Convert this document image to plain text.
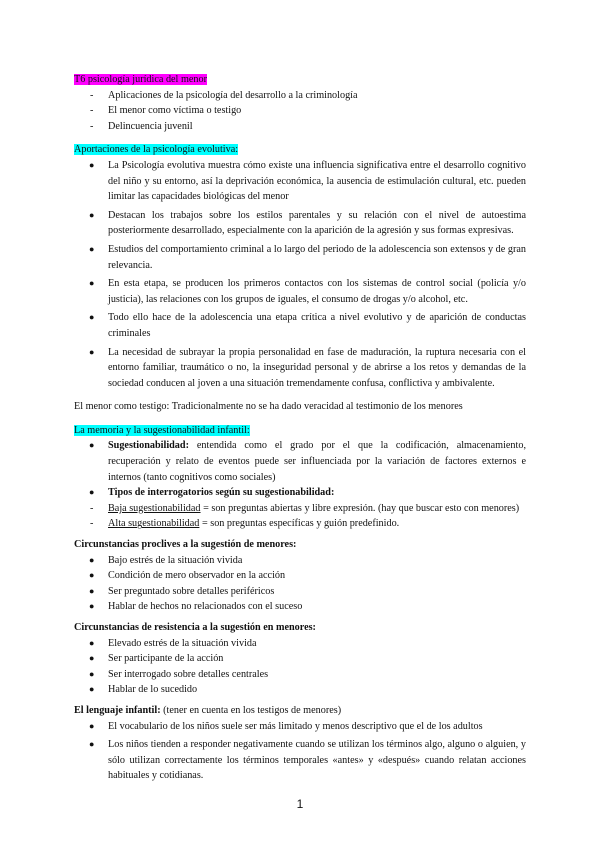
T6 psicología jurídica del menor
- Aplicaciones de la psicología del desarrollo a la criminología
- El menor como víctima o testigo
- Delincuencia juvenil
Aportaciones de la psicología evolutiva:
● La Psicología evolutiva muestra cómo existe una influencia significativa entre el desarrollo cognitivo del niño y su entorno, así la deprivación económica, la ausencia de estimulación cultural, etc. pueden limitar las capacidades biológicas del menor
● Destacan los trabajos sobre los estilos parentales y su relación con el nivel de autoestima posteriormente desarrollado, especialmente con la aparición de la agresión y sus formas expresivas.
● Estudios del comportamiento criminal a lo largo del periodo de la adolescencia son extensos y de gran relevancia.
● En esta etapa, se producen los primeros contactos con los sistemas de control social (policía y/o justicia), las relaciones con los grupos de iguales, el consumo de drogas y/o alcohol, etc.
● Todo ello hace de la adolescencia una etapa crítica a nivel evolutivo y de aparición de conductas criminales
● La necesidad de subrayar la propia personalidad en fase de maduración, la ruptura necesaria con el entorno familiar, traumático o no, la inseguridad personal y de abrirse a los retos y demandas de la sociedad conducen al joven a una situación tremendamente confusa, conflictiva y ambivalente.
El menor como testigo: Tradicionalmente no se ha dado veracidad al testimonio de los menores
La memoria y la sugestionabilidad infantil:
● Sugestionabilidad: entendida como el grado por el que la codificación, almacenamiento, recuperación y relato de eventos puede ser influenciada por la variación de factores externos e internos (tanto cognitivos como sociales)
● Tipos de interrogatorios según su sugestionabilidad:
- Baja sugestionabilidad = son preguntas abiertas y libre expresión. (hay que buscar esto con menores)
- Alta sugestionabilidad = son preguntas específicas y guión predefinido.
Circunstancias proclives a la sugestión de menores:
● Bajo estrés de la situación vivida
● Condición de mero observador en la acción
● Ser preguntado sobre detalles periféricos
● Hablar de hechos no relacionados con el suceso
Circunstancias de resistencia a la sugestión en menores:
● Elevado estrés de la situación vivida
● Ser participante de la acción
● Ser interrogado sobre detalles centrales
● Hablar de lo sucedido
El lenguaje infantil: (tener en cuenta en los testigos de menores)
● El vocabulario de los niños suele ser más limitado y menos descriptivo que el de los adultos
● Los niños tienden a responder negativamente cuando se utilizan los términos algo, alguno o alguien, y sólo utilizan correctamente los términos temporales «antes» y «después» cuando relatan acciones habituales y cotidianas.
1
